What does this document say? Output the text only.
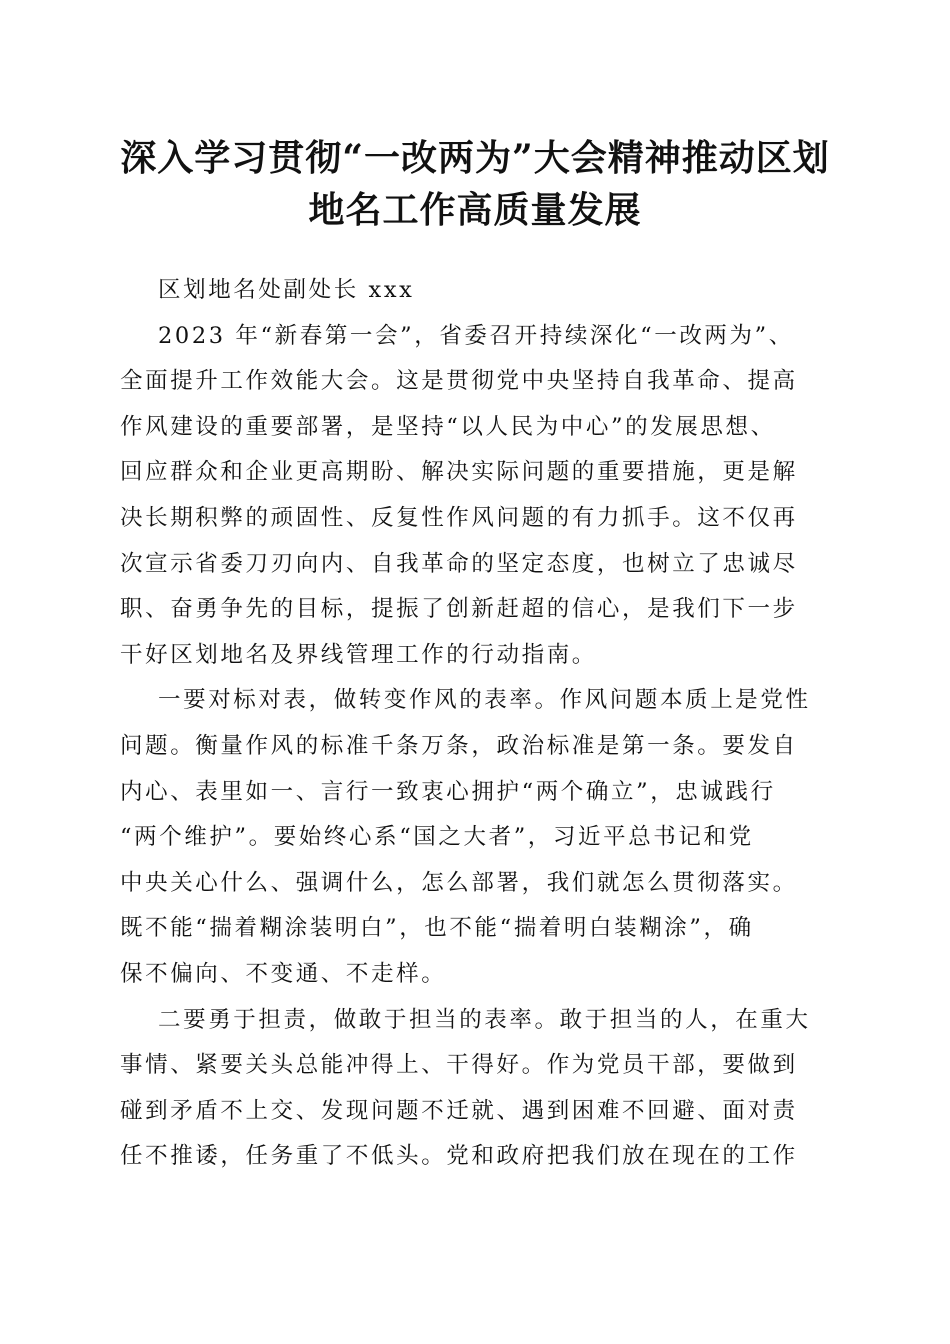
深入学习贯彻“一改两为”大会精神推动区划
地名工作高质量发展

区划地名处副处长 xxx

2023 年“新春第一会”，省委召开持续深化“一改两为”、
全面提升工作效能大会。这是贯彻党中央坚持自我革命、提高
作风建设的重要部署，是坚持“以人民为中心”的发展思想、
回应群众和企业更高期盼、解决实际问题的重要措施，更是解
决长期积弊的顽固性、反复性作风问题的有力抓手。这不仅再
次宣示省委刀刃向内、自我革命的坚定态度，也树立了忠诚尽
职、奋勇争先的目标，提振了创新赶超的信心，是我们下一步
干好区划地名及界线管理工作的行动指南。

一要对标对表，做转变作风的表率。作风问题本质上是党性
问题。衡量作风的标准千条万条，政治标准是第一条。要发自
内心、表里如一、言行一致衷心拥护“两个确立”，忠诚践行
“两个维护”。要始终心系“国之大者”，习近平总书记和党
中央关心什么、强调什么，怎么部署，我们就怎么贯彻落实。
既不能“揣着糊涂装明白”，也不能“揣着明白装糊涂”，确
保不偏向、不变通、不走样。

二要勇于担责，做敢于担当的表率。敢于担当的人，在重大
事情、紧要关头总能冲得上、干得好。作为党员干部，要做到
碰到矛盾不上交、发现问题不迁就、遇到困难不回避、面对责
任不推诿，任务重了不低头。党和政府把我们放在现在的工作
